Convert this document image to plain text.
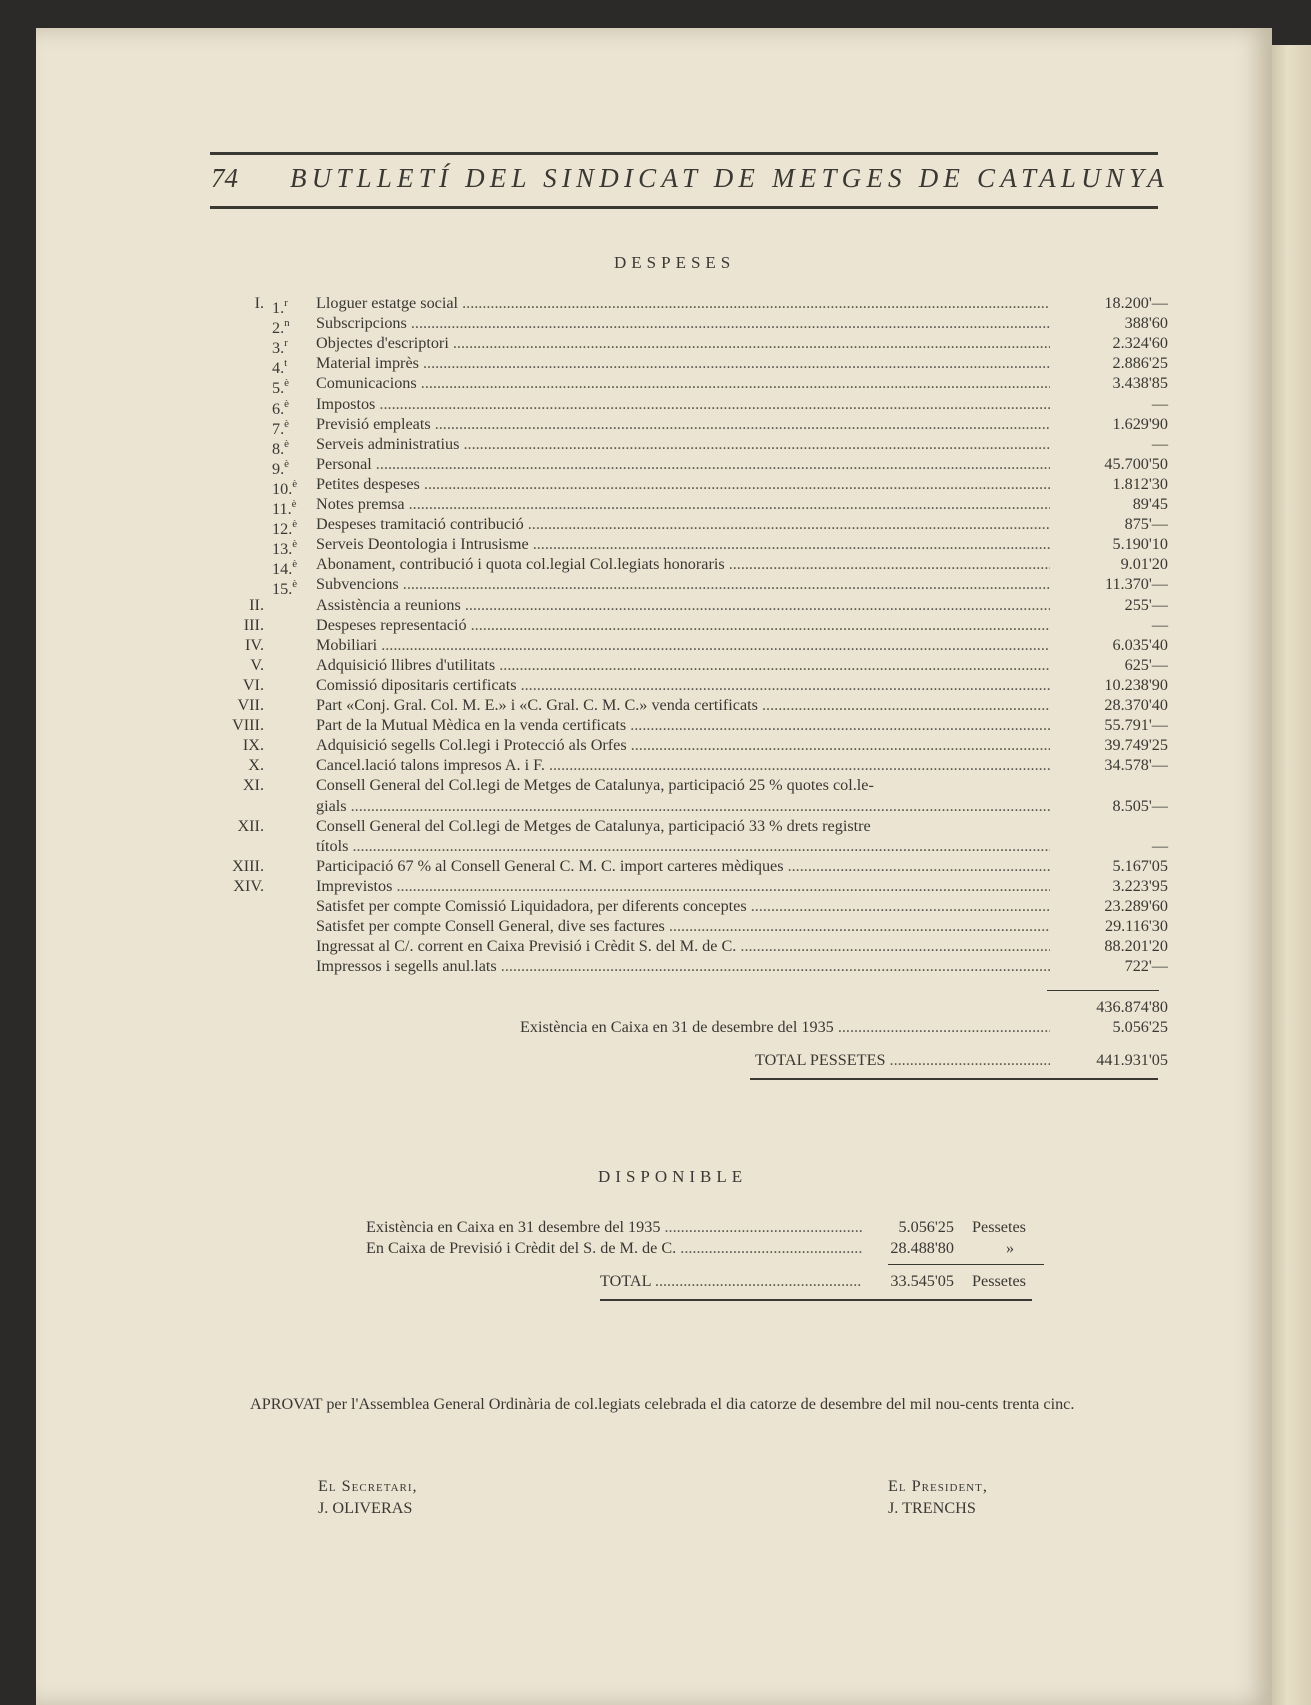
74 BUTLLETÍ DEL SINDICAT DE METGES DE CATALUNYA
DESPESES
I. 1.$^r$	Lloguer estatge social .....	18.200'—
2.$^n$	Subscripcions .....	388'60
3.$^r$	Objectes d'escriptori .....	2.324'60
4.$^t$	Material imprès .....	2.886'25
5.$^è$	Comunicacions .....	3.438'85
6.$^è$	Impostos .....	—
7.$^è$	Previsió empleats .....	1.629'90
8.$^è$	Serveis administratius .....	—
9.$^è$	Personal .....	45.700'50
10.$^è$	Petites despeses .....	1.812'30
11.$^è$	Notes premsa .....	89'45
12.$^è$	Despeses tramitació contribució .....	875'—
13.$^è$	Serveis Deontologia i Intrusisme .....	5.190'10
14.$^è$	Abonament, contribució i quota col.legial Col.legiats honoraris .....	9.01'20
15.$^è$	Subvencions .....	11.370'—
II.	Assistència a reunions .....	255'—
III.	Despeses representació .....	—
IV.	Mobiliari .....	6.035'40
V.	Adquisició llibres d'utilitats .....	625'—
VI.	Comissió dipositaris certificats .....	10.238'90
VII.	Part «Conj. Gral. Col. M. E.» i «C. Gral. C. M. C.» venda certificats .....	28.370'40
VIII.	Part de la Mutual Mèdica en la venda certificats .....	55.791'—
IX.	Adquisició segells Col.legi i Protecció als Orfes .....	39.749'25
X.	Cancel.lació talons impresos A. i F. .....	34.578'—
XI.	Consell General del Col.legi de Metges de Catalunya, participació 25 % quotes col.le-
gials .....	8.505'—
XII.	Consell General del Col.legi de Metges de Catalunya, participació 33 % drets registre
títols .....	—
XIII.	Participació 67 % al Consell General C. M. C. import carteres mèdiques .....	5.167'05
XIV.	Imprevistos .....	3.223'95
Satisfet per compte Comissió Liquidadora, per diferents conceptes .....	23.289'60
Satisfet per compte Consell General, dive ses factures .....	29.116'30
Ingressat al C/. corrent en Caixa Previsió i Crèdit S. del M. de C. .....	88.201'20
Impressos i segells anul.lats .....	722'—
436.874'80
Existència en Caixa en 31 de desembre del 1935 .....	5.056'25
TOTAL PESSETES .....	441.931'05
DISPONIBLE
Existència en Caixa en 31 desembre del 1935 .....	5.056'25 Pessetes
En Caixa de Previsió i Crèdit del S. de M. de C. .....	28.488'80	»
TOTAL .....	33.545'05 Pessetes
APROVAT per l'Assemblea General Ordinària de col.legiats celebrada el dia catorze de desembre del mil nou-cents trenta cinc.
El Secretari,
J. OLIVERAS
El President,
J. TRENCHS
